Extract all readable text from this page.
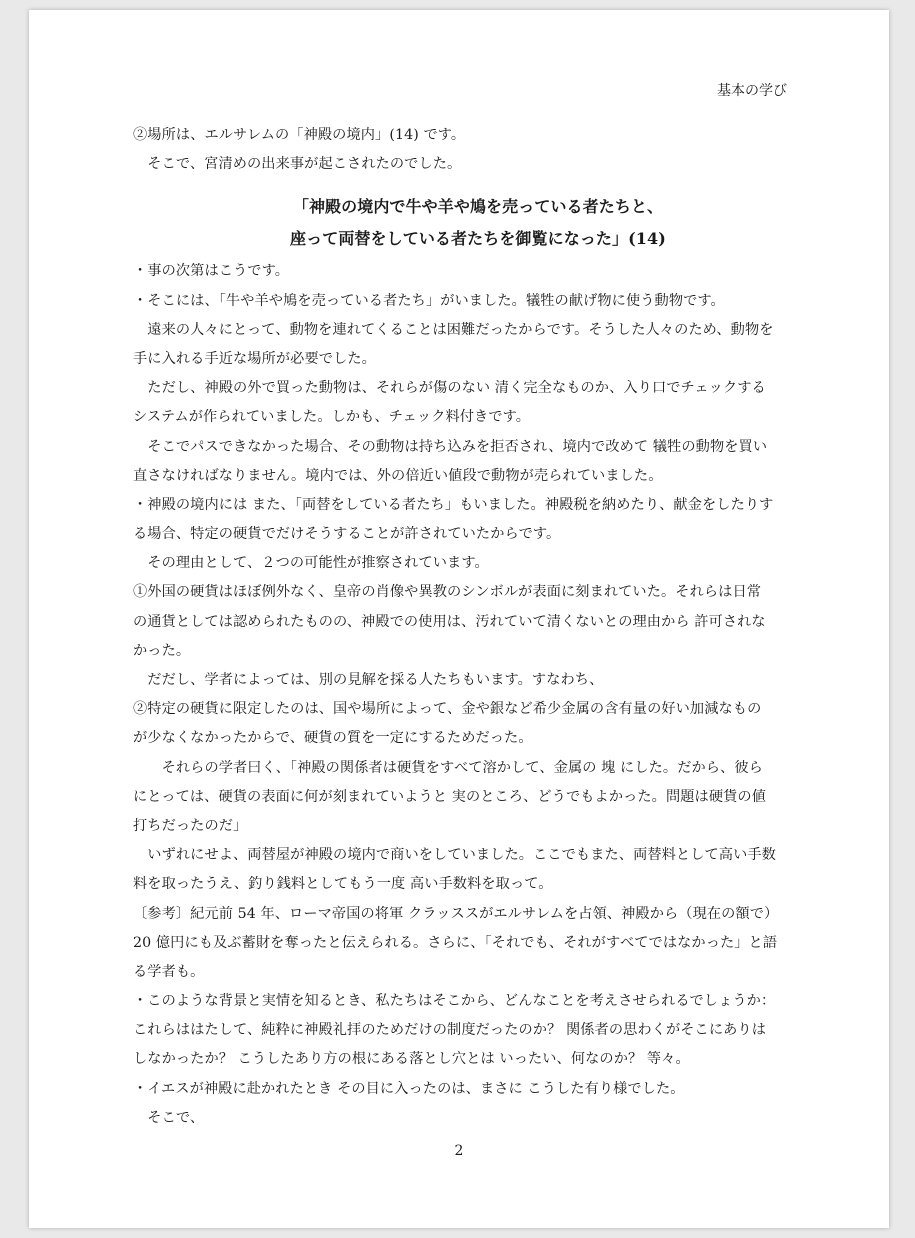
基本の学び
②場所は、エルサレムの「神殿の境内」(14) です。
　そこで、宮清めの出来事が起こされたのでした。
「神殿の境内で牛や羊や鳩を売っている者たちと、
座って両替をしている者たちを御覧になった」(14)
・事の次第はこうです。
・そこには、「牛や羊や鳩を売っている者たち」がいました。犠牲の献げ物に使う動物です。
　遠来の人々にとって、動物を連れてくることは困難だったからです。そうした人々のため、動物を
手に入れる手近な場所が必要でした。
　ただし、神殿の外で買った動物は、それらが傷のない 清く完全なものか、入り口でチェックする
システムが作られていました。しかも、チェック料付きです。
　そこでパスできなかった場合、その動物は持ち込みを拒否され、境内で改めて 犠牲の動物を買い
直さなければなりません。境内では、外の倍近い値段で動物が売られていました。
・神殿の境内には また、「両替をしている者たち」もいました。神殿税を納めたり、献金をしたりす
る場合、特定の硬貨でだけそうすることが許されていたからです。
　その理由として、２つの可能性が推察されています。
①外国の硬貨はほぼ例外なく、皇帝の肖像や異教のシンボルが表面に刻まれていた。それらは日常
の通貨としては認められたものの、神殿での使用は、汚れていて清くないとの理由から 許可されな
かった。
　だだし、学者によっては、別の見解を採る人たちもいます。すなわち、
②特定の硬貨に限定したのは、国や場所によって、金や銀など希少金属の含有量の好い加減なもの
が少なくなかったからで、硬貨の質を一定にするためだった。
　　それらの学者曰く、「神殿の関係者は硬貨をすべて溶かして、金属の 塊 にした。だから、彼ら
にとっては、硬貨の表面に何が刻まれていようと 実のところ、どうでもよかった。問題は硬貨の値
打ちだったのだ」
　いずれにせよ、両替屋が神殿の境内で商いをしていました。ここでもまた、両替料として高い手数
料を取ったうえ、釣り銭料としてもう一度 高い手数料を取って。
〔参考〕紀元前 54 年、ローマ帝国の将軍 クラッススがエルサレムを占領、神殿から（現在の額で）
20 億円にも及ぶ蓄財を奪ったと伝えられる。さらに、「それでも、それがすべてではなかった」と語
る学者も。
・このような背景と実情を知るとき、私たちはそこから、どんなことを考えさせられるでしょうか：
これらははたして、純粋に神殿礼拝のためだけの制度だったのか？ 関係者の思わくがそこにありは
しなかったか？ こうしたあり方の根にある落とし穴とは いったい、何なのか？ 等々。
・イエスが神殿に赴かれたとき その目に入ったのは、まさに こうした有り様でした。
　そこで、
2
